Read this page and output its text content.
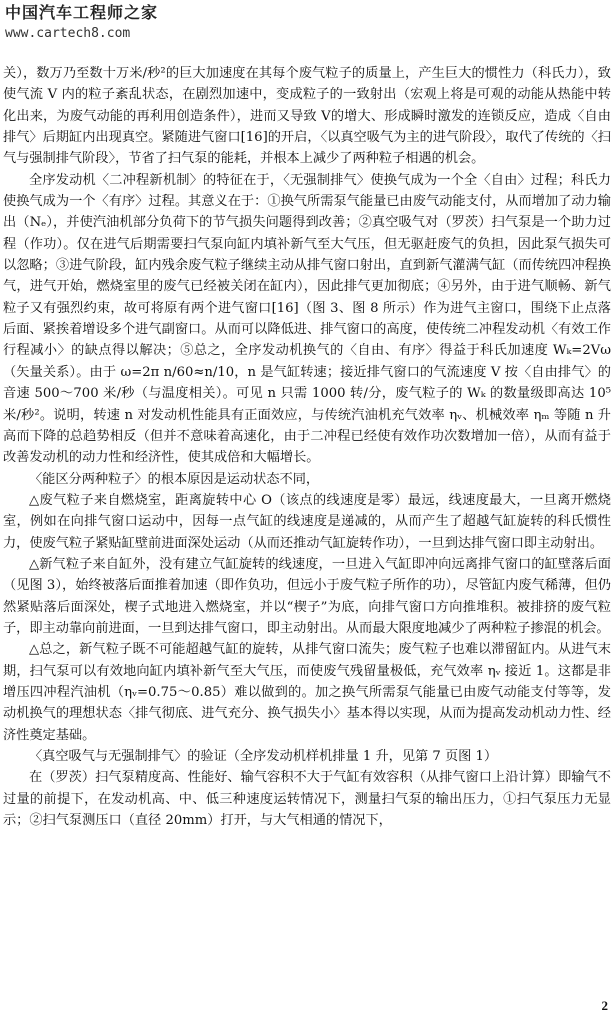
中国汽车工程师之家
www.cartech8.com

关），数万乃至数十万米/秒²的巨大加速度在其每个废气粒子的质量上，产生巨大的惯性力（科氏力），致使气流 V 内的粒子紊乱状态，在剧烈加速中，变成粒子的一致射出（宏观上将是可观的动能从热能中转化出来，为废气动能的再利用创造条件），进而又导致 V的增大、形成瞬时激发的连锁反应，造成〈自由排气〉后期缸内出现真空。紧随进气窗口[16]的开启，〈以真空吸气为主的进气阶段〉，取代了传统的〈扫气与强制排气阶段〉，节省了扫气泵的能耗，并根本上减少了两种粒子相遇的机会。

全序发动机〈二冲程新机制〉的特征在于，〈无强制排气〉使换气成为一个全〈自由〉过程；科氏力使换气成为一个〈有序〉过程。其意义在于：①换气所需泵气能量已由废气动能支付，从而增加了动力输出（Nₑ），并使汽油机部分负荷下的节气损失问题得到改善；②真空吸气对（罗茨）扫气泵是一个助力过程（作功）。仅在进气后期需要扫气泵向缸内填补新气至大气压，但无驱赶废气的负担，因此泵气损失可以忽略；③进气阶段，缸内残余废气粒子继续主动从排气窗口射出，直到新气灌满气缸（而传统四冲程换气，进气开始，燃烧室里的废气已经被关闭在缸内），因此排气更加彻底；④另外，由于进气顺畅、新气粒子又有强烈约束，故可将原有两个进气窗口[16]（图 3、图 8 所示）作为进气主窗口，围绕下止点落后面、紧挨着增设多个进气副窗口。从而可以降低进、排气窗口的高度，使传统二冲程发动机〈有效工作行程减小〉的缺点得以解决；⑤总之，全序发动机换气的〈自由、有序〉得益于科氏加速度 Wₖ=2Vω（矢量关系）。由于 ω=2π n/60≈n/10，n 是气缸转速；接近排气窗口的气流速度 V 按〈自由排气〉的音速 500～700 米/秒（与温度相关）。可见 n 只需 1000 转/分，废气粒子的 Wₖ 的数量级即高达 10⁵米/秒²。说明，转速 n 对发动机性能具有正面效应，与传统汽油机充气效率 ηᵥ、机械效率 ηₘ 等随 n 升高而下降的总趋势相反（但并不意味着高速化，由于二冲程已经使有效作功次数增加一倍），从而有益于改善发动机的动力性和经济性，使其成倍和大幅增长。

〈能区分两种粒子〉的根本原因是运动状态不同，

△废气粒子来自燃烧室，距离旋转中心 O（该点的线速度是零）最远，线速度最大，一旦离开燃烧室，例如在向排气窗口运动中，因每一点气缸的线速度是递减的，从而产生了超越气缸旋转的科氏惯性力，使废气粒子紧贴缸壁前进面深处运动（从而还推动气缸旋转作功），一旦到达排气窗口即主动射出。

△新气粒子来自缸外，没有建立气缸旋转的线速度，一旦进入气缸即冲向远离排气窗口的缸壁落后面（见图 3），始终被落后面推着加速（即作负功，但远小于废气粒子所作的功），尽管缸内废气稀薄，但仍然紧贴落后面深处，楔子式地进入燃烧室，并以“楔子”为底，向排气窗口方向推堆积。被排挤的废气粒子，即主动靠向前进面，一旦到达排气窗口，即主动射出。从而最大限度地减少了两种粒子掺混的机会。

△总之，新气粒子既不可能超越气缸的旋转，从排气窗口流失；废气粒子也难以滞留缸内。从进气末期，扫气泵可以有效地向缸内填补新气至大气压，而使废气残留量极低，充气效率 ηᵥ 接近 1。这都是非增压四冲程汽油机（ηᵥ=0.75～0.85）难以做到的。加之换气所需泵气能量已由废气动能支付等等，发动机换气的理想状态〈排气彻底、进气充分、换气损失小〉基本得以实现，从而为提高发动机动力性、经济性奠定基础。

〈真空吸气与无强制排气〉的验证（全序发动机样机排量 1 升，见第 7 页图 1）

在（罗茨）扫气泵精度高、性能好、输气容积不大于气缸有效容积（从排气窗口上沿计算）即输气不过量的前提下，在发动机高、中、低三种速度运转情况下，测量扫气泵的输出压力，①扫气泵压力无显示；②扫气泵测压口（直径 20mm）打开，与大气相通的情况下，

2
